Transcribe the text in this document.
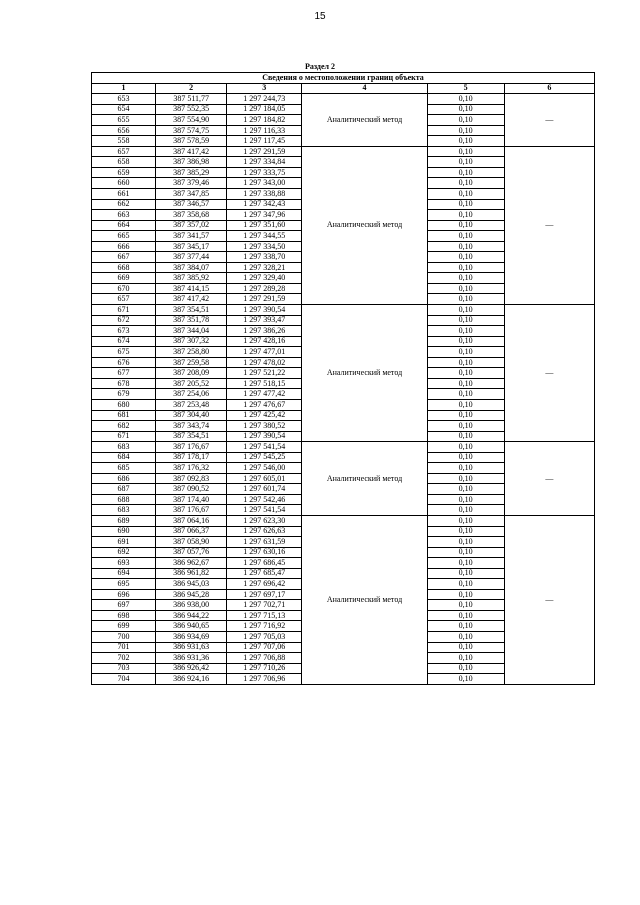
15
Раздел 2
Сведения о местоположении границ объекта					
1	2	3	4	5	6
653	387 511,77	1 297 244,73	Аналитический метод	0,10	—
654	387 552,35	1 297 184,05		0,10	
655	387 554,90	1 297 184,82		0,10	
656	387 574,75	1 297 116,33		0,10	
558	387 578,59	1 297 117,45		0,10	
657	387 417,42	1 297 291,59	Аналитический метод	0,10	—
658	387 386,98	1 297 334,84		0,10	
659	387 385,29	1 297 333,75		0,10	
660	387 379,46	1 297 343,00		0,10	
661	387 347,85	1 297 338,88		0,10	
662	387 346,57	1 297 342,43		0,10	
663	387 358,68	1 297 347,96		0,10	
664	387 357,02	1 297 351,60		0,10	
665	387 341,57	1 297 344,55		0,10	
666	387 345,17	1 297 334,50		0,10	
667	387 377,44	1 297 338,70		0,10	
668	387 384,07	1 297 328,21		0,10	
669	387 385,92	1 297 329,40		0,10	
670	387 414,15	1 297 289,28		0,10	
657	387 417,42	1 297 291,59		0,10	
671	387 354,51	1 297 390,54	Аналитический метод	0,10	—
672	387 351,78	1 297 393,47		0,10	
673	387 344,04	1 297 386,26		0,10	
674	387 307,32	1 297 428,16		0,10	
675	387 258,80	1 297 477,01		0,10	
676	387 259,58	1 297 478,02		0,10	
677	387 208,09	1 297 521,22		0,10	
678	387 205,52	1 297 518,15		0,10	
679	387 254,06	1 297 477,42		0,10	
680	387 253,48	1 297 476,67		0,10	
681	387 304,40	1 297 425,42		0,10	
682	387 343,74	1 297 380,52		0,10	
671	387 354,51	1 297 390,54		0,10	
683	387 176,67	1 297 541,54	Аналитический метод	0,10	—
684	387 178,17	1 297 545,25		0,10	
685	387 176,32	1 297 546,00		0,10	
686	387 092,83	1 297 605,01		0,10	
687	387 090,52	1 297 601,74		0,10	
688	387 174,40	1 297 542,46		0,10	
683	387 176,67	1 297 541,54		0,10	
689	387 064,16	1 297 623,30	Аналитический метод	0,10	—
690	387 066,37	1 297 626,63		0,10	
691	387 058,90	1 297 631,59		0,10	
692	387 057,76	1 297 630,16		0,10	
693	386 962,67	1 297 686,45		0,10	
694	386 961,82	1 297 685,47		0,10	
695	386 945,03	1 297 696,42		0,10	
696	386 945,28	1 297 697,17		0,10	
697	386 938,00	1 297 702,71		0,10	
698	386 944,22	1 297 715,13		0,10	
699	386 940,65	1 297 716,92		0,10	
700	386 934,69	1 297 705,03		0,10	
701	386 931,63	1 297 707,06		0,10	
702	386 931,36	1 297 706,88		0,10	
703	386 926,42	1 297 710,26		0,10	
704	386 924,16	1 297 706,96		0,10	
